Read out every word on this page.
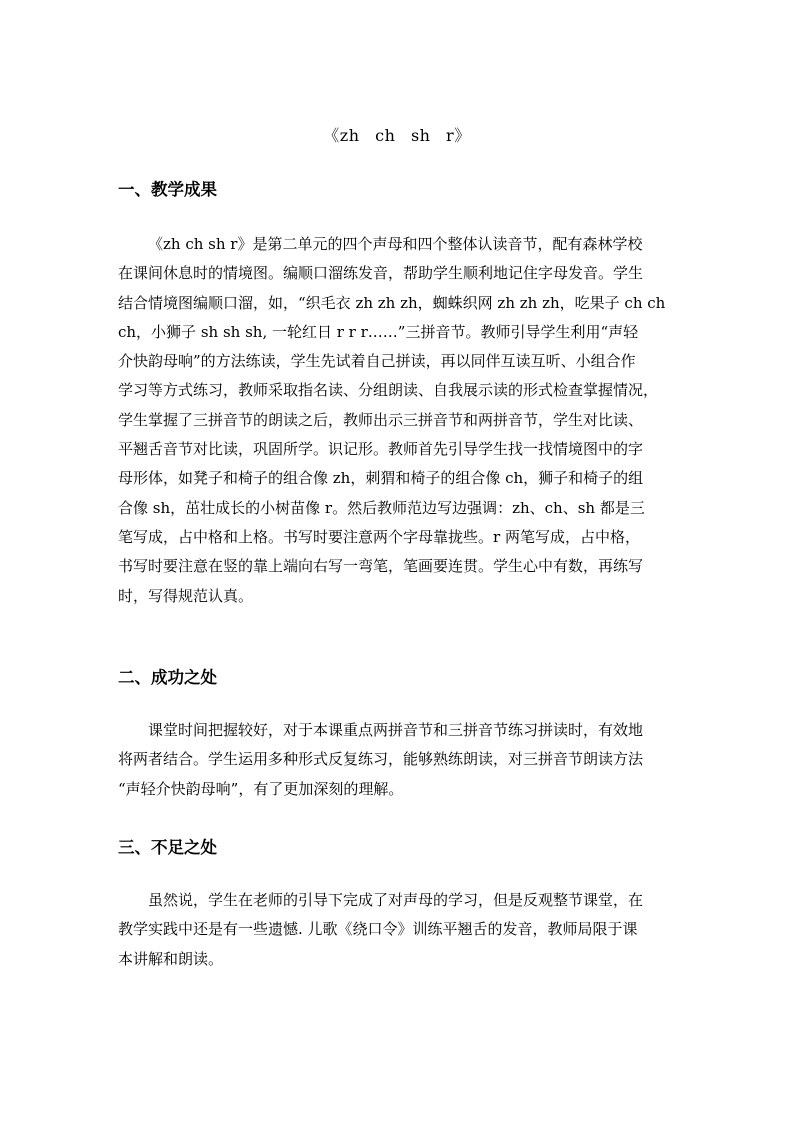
《zh ch sh r》
一、教学成果
《zh ch sh r》是第二单元的四个声母和四个整体认读音节，配有森林学校
在课间休息时的情境图。编顺口溜练发音，帮助学生顺利地记住字母发音。学生
结合情境图编顺口溜，如，“织毛衣 zh zh zh，蜘蛛织网 zh zh zh，吃果子 ch ch
ch，小狮子 sh sh sh, 一轮红日 r r r……”三拼音节。教师引导学生利用“声轻
介快韵母响”的方法练读，学生先试着自己拼读，再以同伴互读互听、小组合作
学习等方式练习，教师采取指名读、分组朗读、自我展示读的形式检查掌握情况，
学生掌握了三拼音节的朗读之后，教师出示三拼音节和两拼音节，学生对比读、
平翘舌音节对比读，巩固所学。识记形。教师首先引导学生找一找情境图中的字
母形体，如凳子和椅子的组合像 zh，刺猬和椅子的组合像 ch，狮子和椅子的组
合像 sh，茁壮成长的小树苗像 r。然后教师范边写边强调：zh、ch、sh 都是三
笔写成，占中格和上格。书写时要注意两个字母靠拢些。r 两笔写成，占中格，
书写时要注意在竖的靠上端向右写一弯笔，笔画要连贯。学生心中有数，再练写
时，写得规范认真。
二、成功之处
课堂时间把握较好，对于本课重点两拼音节和三拼音节练习拼读时，有效地
将两者结合。学生运用多种形式反复练习，能够熟练朗读，对三拼音节朗读方法
“声轻介快韵母响”，有了更加深刻的理解。
三、不足之处
虽然说，学生在老师的引导下完成了对声母的学习，但是反观整节课堂，在
教学实践中还是有一些遗憾. 儿歌《绕口令》训练平翘舌的发音，教师局限于课
本讲解和朗读。
